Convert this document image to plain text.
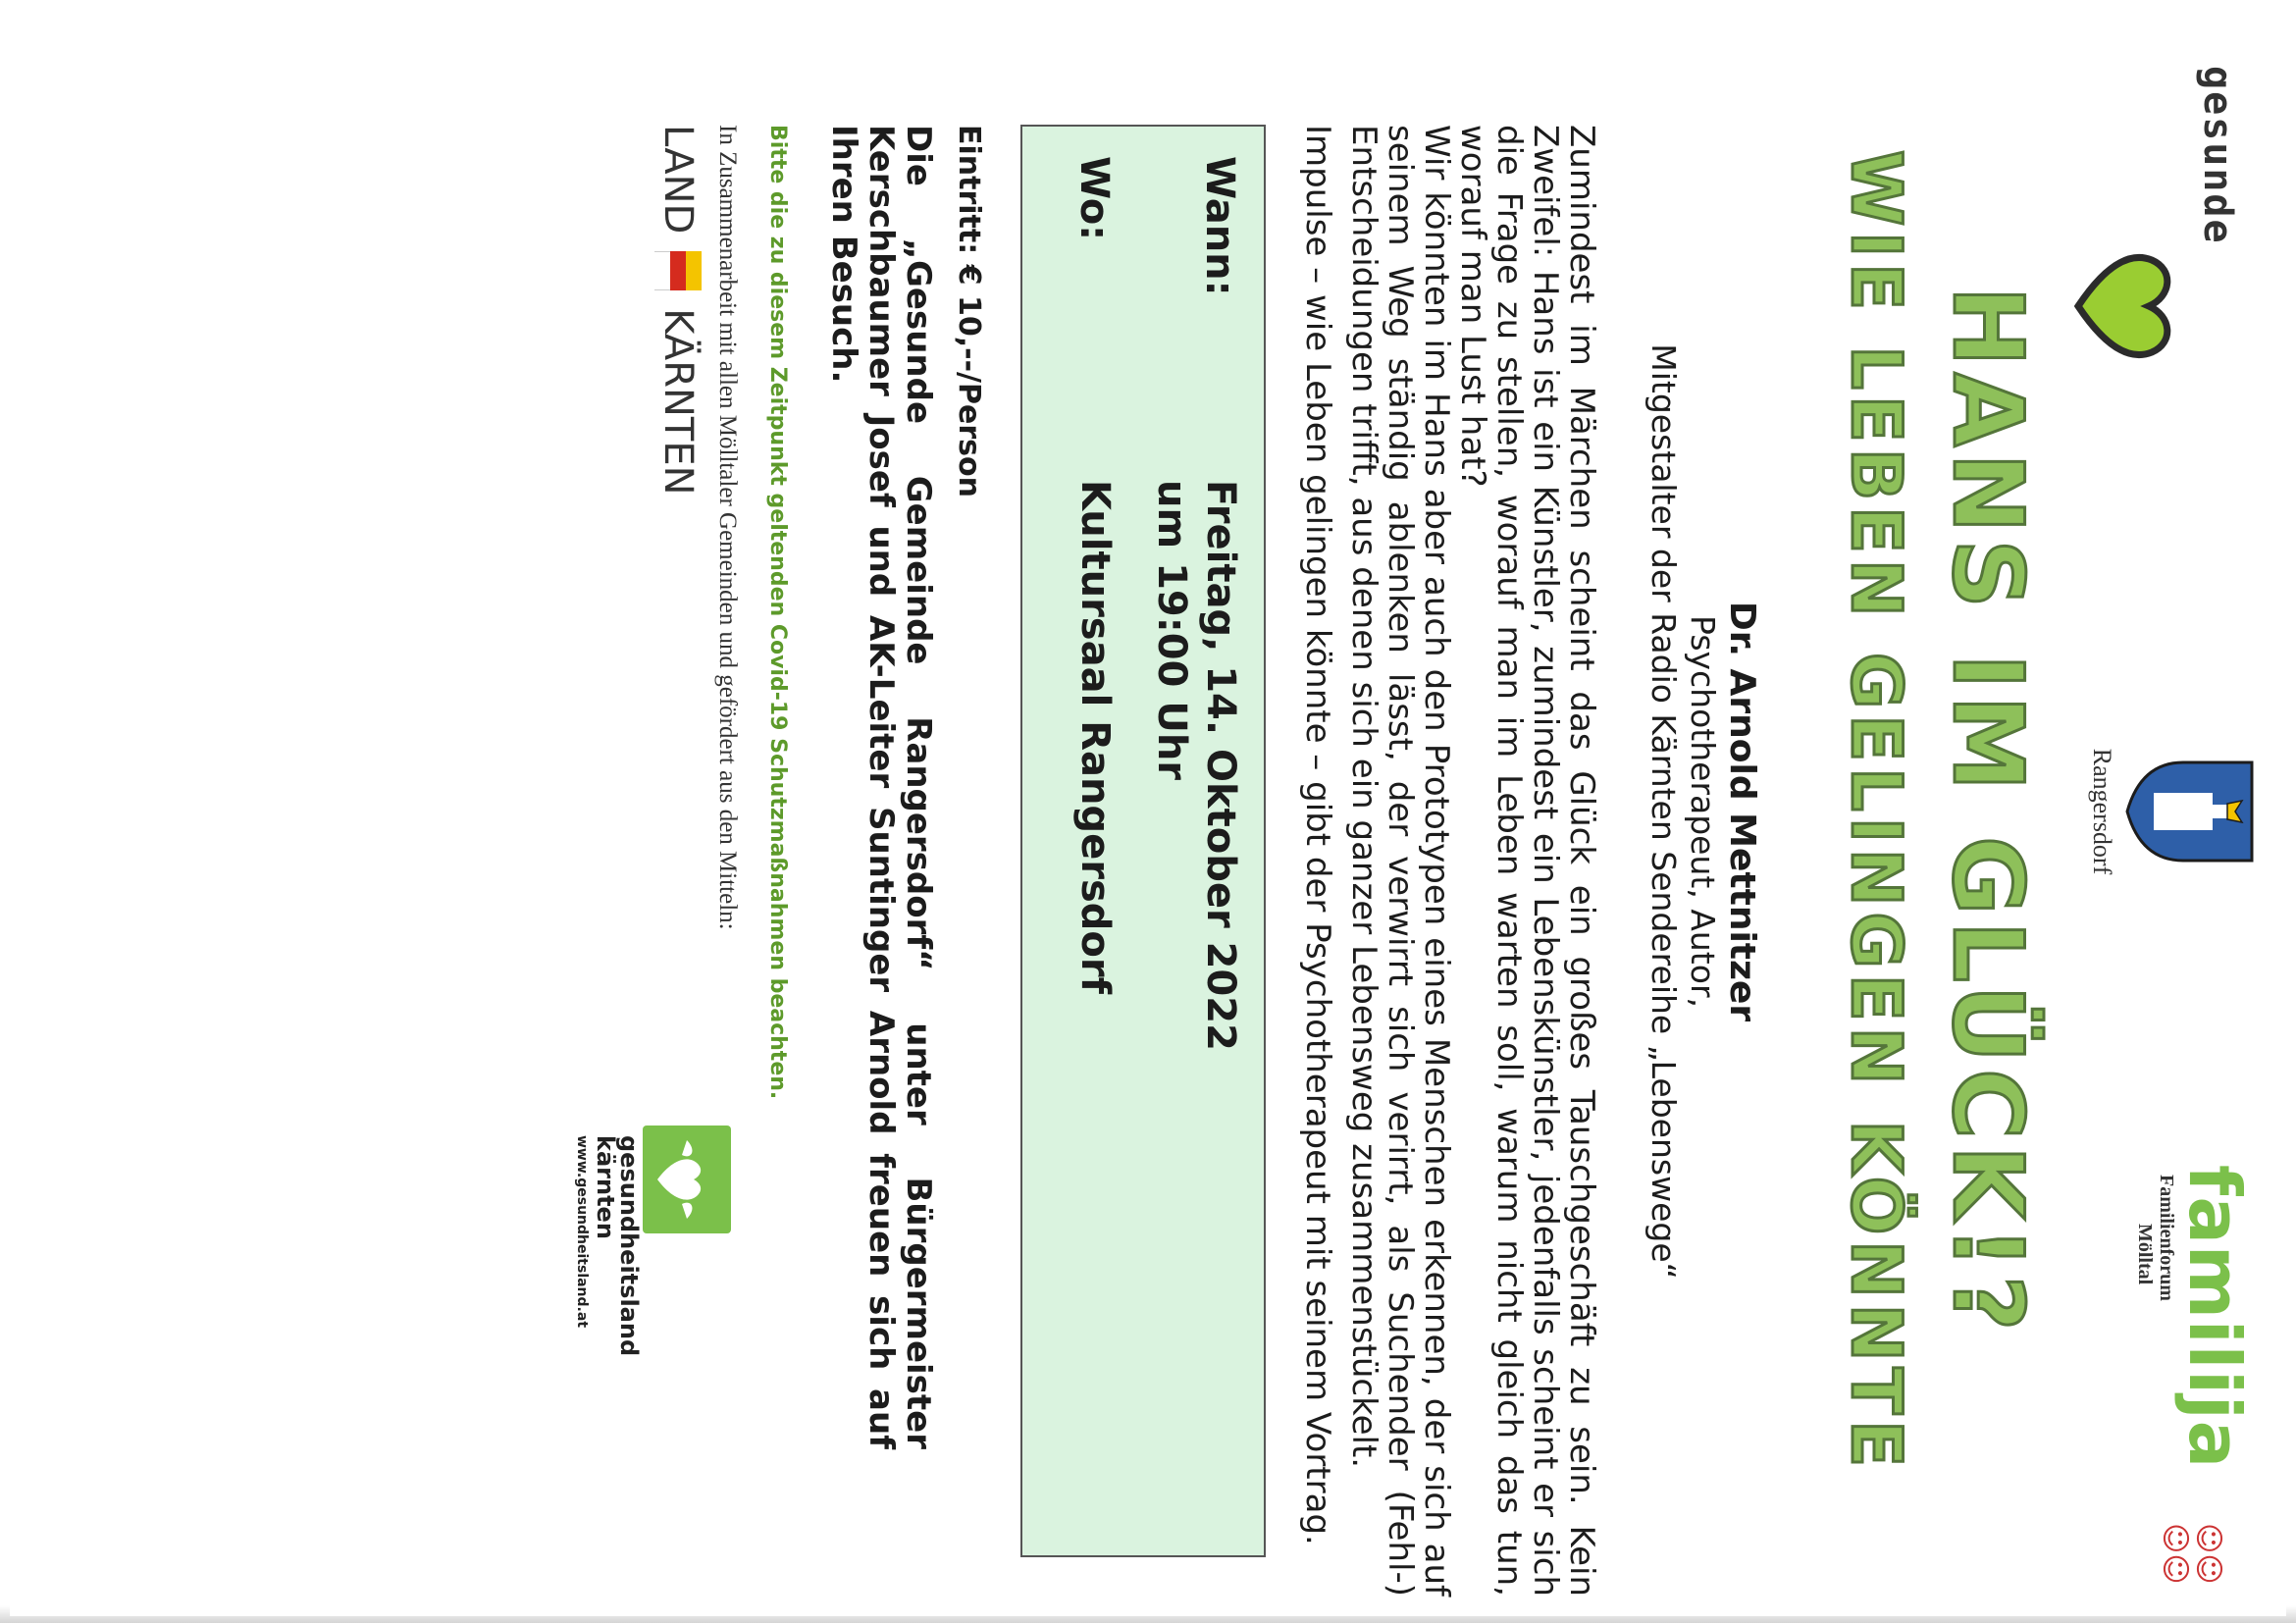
gesunde
Rangersdorf
familija
Familienforum
Mölltal
☺☺
☺☺
HANS IM GLÜCK!?
WIE LEBEN GELINGEN KÖNNTE
Dr. Arnold Mettnitzer
Psychotherapeut, Autor,
Mitgestalter der Radio Kärnten Sendereihe „Lebenswege“

Zumindest im Märchen scheint das Glück ein großes Tauschgeschäft zu sein. Kein Zweifel: Hans ist ein Künstler, zumindest ein Lebenskünstler, jedenfalls scheint er sich die Frage zu stellen, worauf man im Leben warten soll, warum nicht gleich das tun, worauf man Lust hat?

Wir könnten im Hans aber auch den Prototypen eines Menschen erkennen, der sich auf seinem Weg ständig ablenken lässt, der verwirrt sich verirrt, als Suchender (Fehl-) Entscheidungen trifft, aus denen sich ein ganzer Lebensweg zusammenstückelt.

Impulse – wie Leben gelingen könnte – gibt der Psychotherapeut mit seinem Vortrag.

Wann:
Freitag, 14. Oktober 2022
um 19:00 Uhr
Wo:
Kultursaal Rangersdorf
Eintritt: € 10,--/Person
Die „Gesunde Gemeinde Rangersdorf“ unter Bürgermeister Kerschbaumer Josef und AK-Leiter Suntinger Arnold freuen sich auf Ihren Besuch.
Bitte die zu diesem Zeitpunkt geltenden Covid-19 Schutzmaßnahmen beachten.
In Zusammenarbeit mit allen Mölltaler Gemeinden und gefördert aus den Mitteln:
LAND
KÄRNTEN
gesundheitsland
kärnten
www.gesundheitsland.at
